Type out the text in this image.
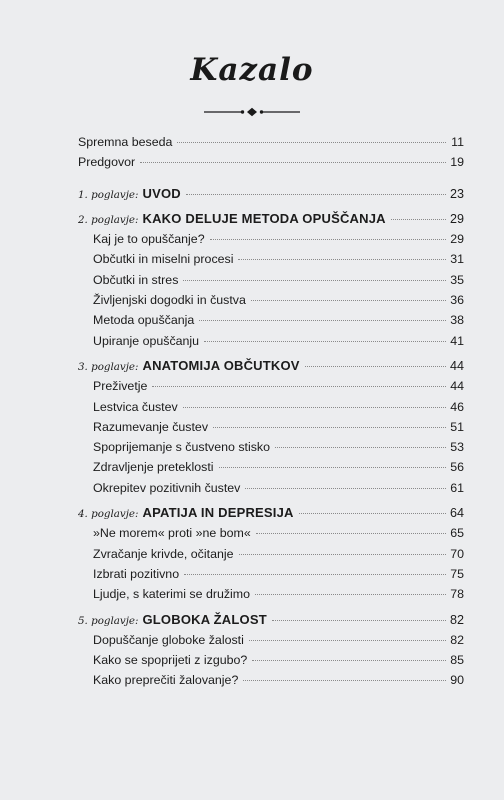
Kazalo
Spremna beseda	11
Predgovor	19
1. poglavje: UVOD	23
2. poglavje: KAKO DELUJE METODA OPUŠČANJA	29
Kaj je to opuščanje?	29
Občutki in miselni procesi	31
Občutki in stres	35
Življenjski dogodki in čustva	36
Metoda opuščanja	38
Upiranje opuščanju	41
3. poglavje: ANATOMIJA OBČUTKOV	44
Preživetje	44
Lestvica čustev	46
Razumevanje čustev	51
Spoprijemanje s čustveno stisko	53
Zdravljenje preteklosti	56
Okrepitev pozitivnih čustev	61
4. poglavje: APATIJA IN DEPRESIJA	64
»Ne morem« proti »ne bom«	65
Zvračanje krivde, očitanje	70
Izbrati pozitivno	75
Ljudje, s katerimi se družimo	78
5. poglavje: GLOBOKA ŽALOST	82
Dopuščanje globoke žalosti	82
Kako se spoprijeti z izgubo?	85
Kako preprečiti žalovanje?	90
